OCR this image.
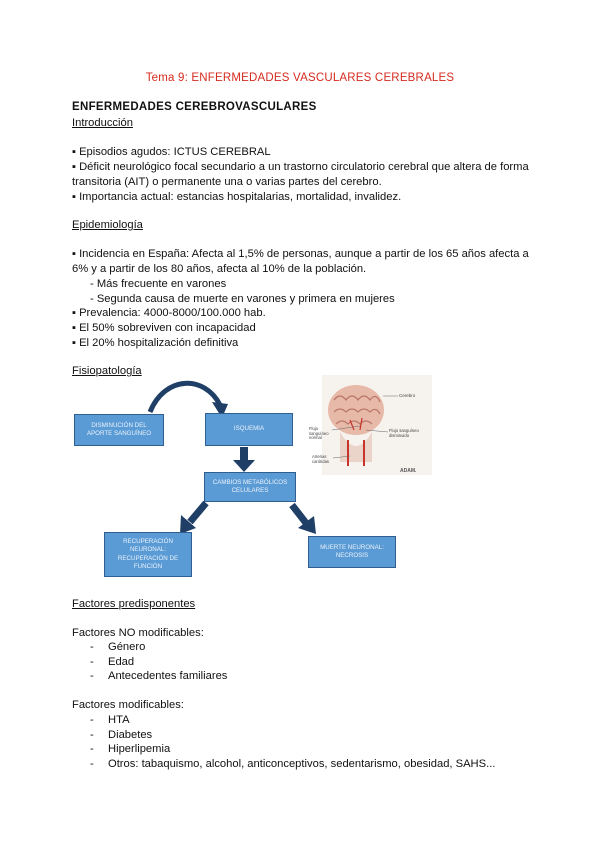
Tema 9: ENFERMEDADES VASCULARES CEREBRALES
ENFERMEDADES CEREBROVASCULARES
Introducción
▪ Episodios agudos: ICTUS CEREBRAL
▪ Déficit neurológico focal secundario a un trastorno circulatorio cerebral que altera de forma
transitoria (AIT) o permanente una o varias partes del cerebro.
▪ Importancia actual: estancias hospitalarias, mortalidad, invalidez.
Epidemiología
▪ Incidencia en España: Afecta al 1,5% de personas, aunque a partir de los 65 años afecta a
6% y a partir de los 80 años, afecta al 10% de la población.
- Más frecuente en varones
- Segunda causa de muerte en varones y primera en mujeres
▪ Prevalencia: 4000-8000/100.000 hab.
▪ El 50% sobreviven con incapacidad
▪ El 20% hospitalización definitiva
Fisiopatología
Cerebro
Flujo sanguíneo normal
Flujo sanguíneo disminuido
Arterias carótidas
ADAM.
DISMINUCIÓN DEL APORTE SANGUÍNEO
ISQUEMIA
CAMBIOS METABÓLICOS CELULARES
RECUPERACIÓN NEURONAL: RECUPERACIÓN DE FUNCIÓN
MUERTE NEURONAL: NECROSIS
Factores predisponentes
Factores NO modificables:
- Género
- Edad
- Antecedentes familiares
Factores modificables:
- HTA
- Diabetes
- Hiperlipemia
- Otros: tabaquismo, alcohol, anticonceptivos, sedentarismo, obesidad, SAHS...
